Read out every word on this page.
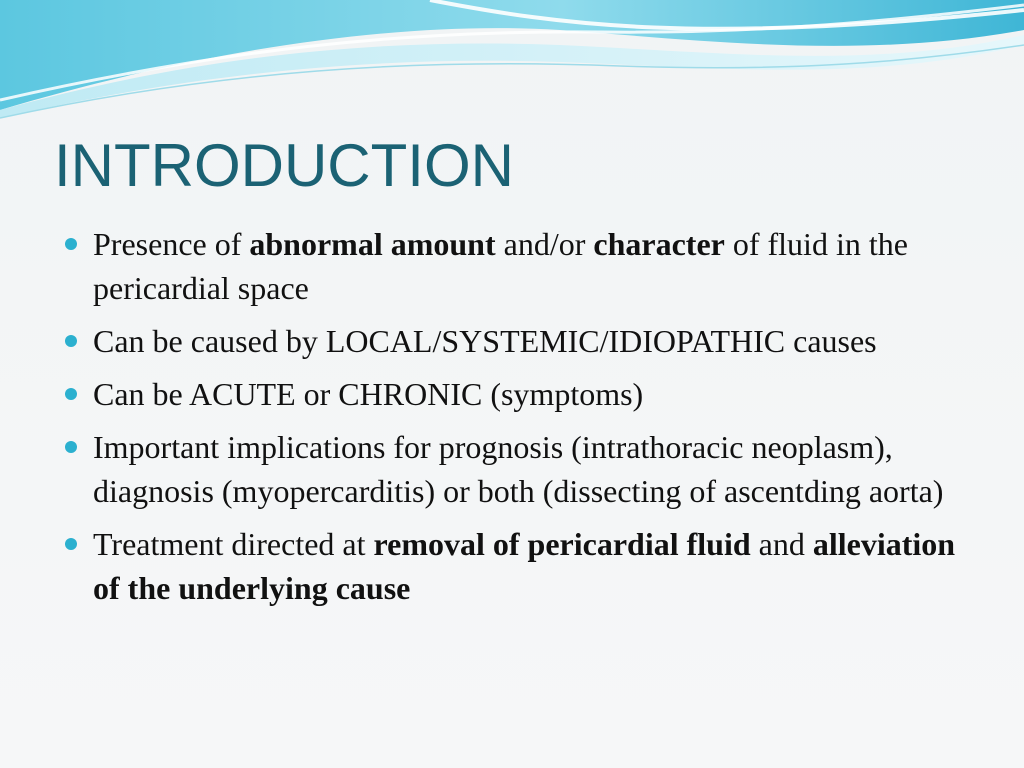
INTRODUCTION
Presence of abnormal amount and/or character of fluid in the pericardial space
Can be caused by LOCAL/SYSTEMIC/IDIOPATHIC causes
Can be ACUTE or CHRONIC (symptoms)
Important implications for prognosis (intrathoracic neoplasm), diagnosis (myopercarditis) or both (dissecting of ascentding aorta)
Treatment directed at removal of pericardial fluid and alleviation of the underlying cause
